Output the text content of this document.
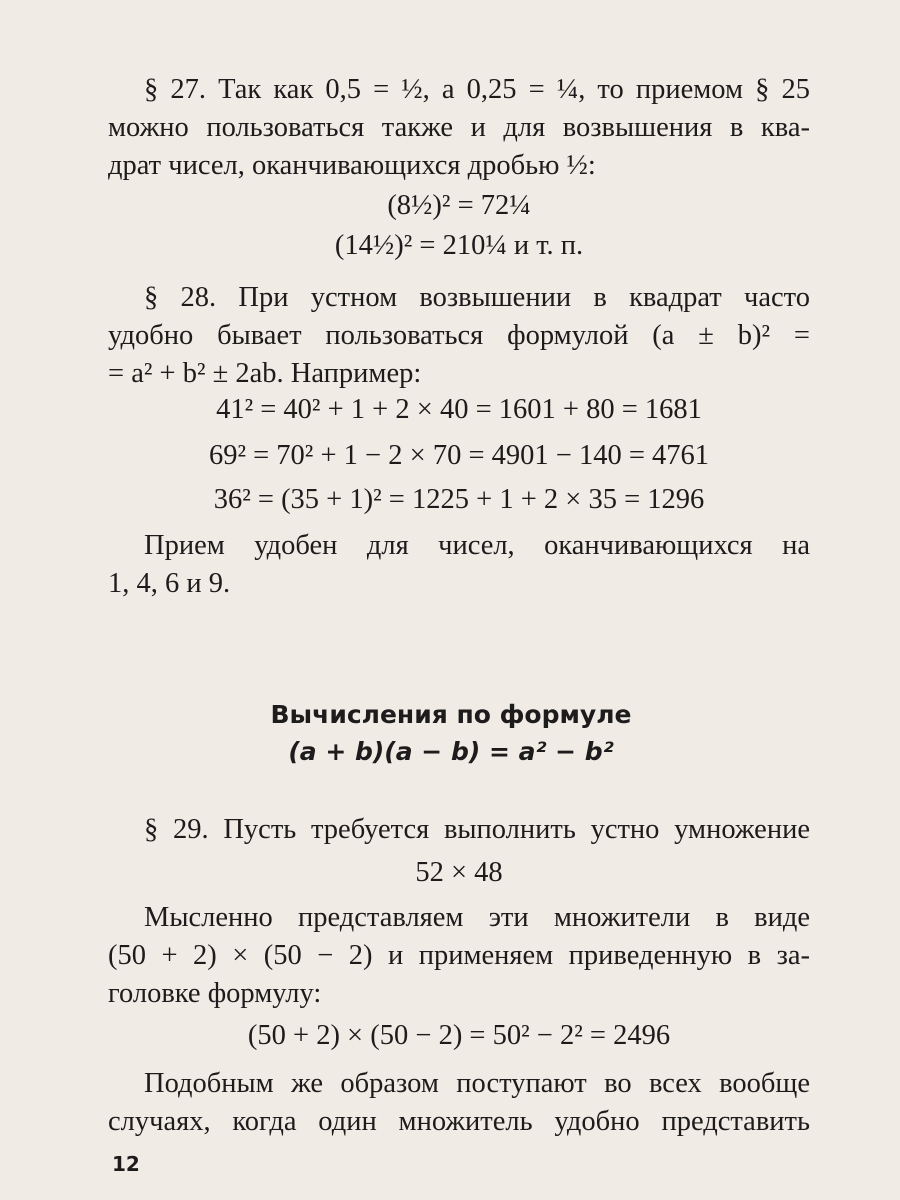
§ 27. Так как 0,5 = ½, а 0,25 = ¼, то приемом § 25
можно пользоваться также и для возвышения в ква-
драт чисел, оканчивающихся дробью ½:
(8½)² = 72¼
(14½)² = 210¼ и т. п.
§ 28. При устном возвышении в квадрат часто
удобно бывает пользоваться формулой (a ± b)² =
= a² + b² ± 2ab. Например:
41² = 40² + 1 + 2 × 40 = 1601 + 80 = 1681
69² = 70² + 1 − 2 × 70 = 4901 − 140 = 4761
36² = (35 + 1)² = 1225 + 1 + 2 × 35 = 1296
Прием удобен для чисел, оканчивающихся на
1, 4, 6 и 9.
Вычисления по формуле
(a + b)(a − b) = a² − b²
§ 29. Пусть требуется выполнить устно умножение
52 × 48
Мысленно представляем эти множители в виде
(50 + 2) × (50 − 2) и применяем приведенную в за-
головке формулу:
(50 + 2) × (50 − 2) = 50² − 2² = 2496
Подобным же образом поступают во всех вообще
случаях, когда один множитель удобно представить
12
